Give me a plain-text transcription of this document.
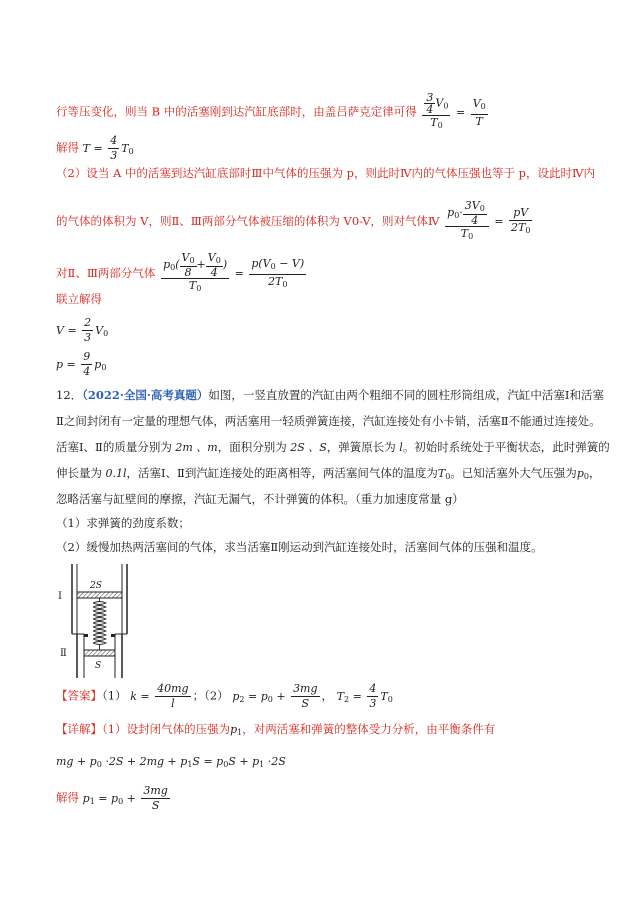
行等压变化，则当 B 中的活塞刚到达汽缸底部时，由盖吕萨克定律可得 $\frac{\frac{3}{4} V_0}{T_0} = \frac{V_0}{T}$
解得 $T = \frac{4}{3} T_0$
（2）设当 A 中的活塞到达汽缸底部时Ⅲ中气体的压强为 p，则此时Ⅳ内的气体压强也等于 p，设此时Ⅳ内
的气体的体积为 V，则Ⅱ、Ⅲ两部分气体被压缩的体积为 V0-V，则对气体Ⅳ $\frac{p_0\cdot \frac{3V_0}{4}}{T_0} = \frac{pV}{2T_0}$
对Ⅱ、Ⅲ两部分气体 $\frac{p_0( \frac{V_0}{8} + \frac{V_0}{4} )}{T_0} = \frac{p(V_0 - V)}{2T_0}$
联立解得
$V = \frac{2}{3} V_0$
$p = \frac{9}{4} p_0$
12．（2022·全国·高考真题）如图，一竖直放置的汽缸由两个粗细不同的圆柱形筒组成，汽缸中活塞Ⅰ和活塞
Ⅱ之间封闭有一定量的理想气体，两活塞用一轻质弹簧连接，汽缸连接处有小卡销，活塞Ⅱ不能通过连接处。
活塞Ⅰ、Ⅱ的质量分别为 2m 、m，面积分别为 2S 、S，弹簧原长为 l。初始时系统处于平衡状态，此时弹簧的
伸长量为 0.1l，活塞Ⅰ、Ⅱ到汽缸连接处的距离相等，两活塞间气体的温度为$T_0$。已知活塞外大气压强为$p_0$，
忽略活塞与缸壁间的摩擦，汽缸无漏气，不计弹簧的体积。（重力加速度常量 g）
（1）求弹簧的劲度系数；
（2）缓慢加热两活塞间的气体，求当活塞Ⅱ刚运动到汽缸连接处时，活塞间气体的压强和温度。
2S
S
Ⅰ
Ⅱ
【答案】（1） $k = \frac{40mg}{l}$ ；（2） $p_2 = p_0 + \frac{3mg}{S}$ ， $T_2 = \frac{4}{3} T_0$
【详解】（1）设封闭气体的压强为$p_1$，对两活塞和弹簧的整体受力分析，由平衡条件有
mg + $p_0 \cdot 2S + 2mg + p_1S = p_0S + p_1 \cdot 2S$
解得 $p_1 = p_0 + \frac{3mg}{S}$
